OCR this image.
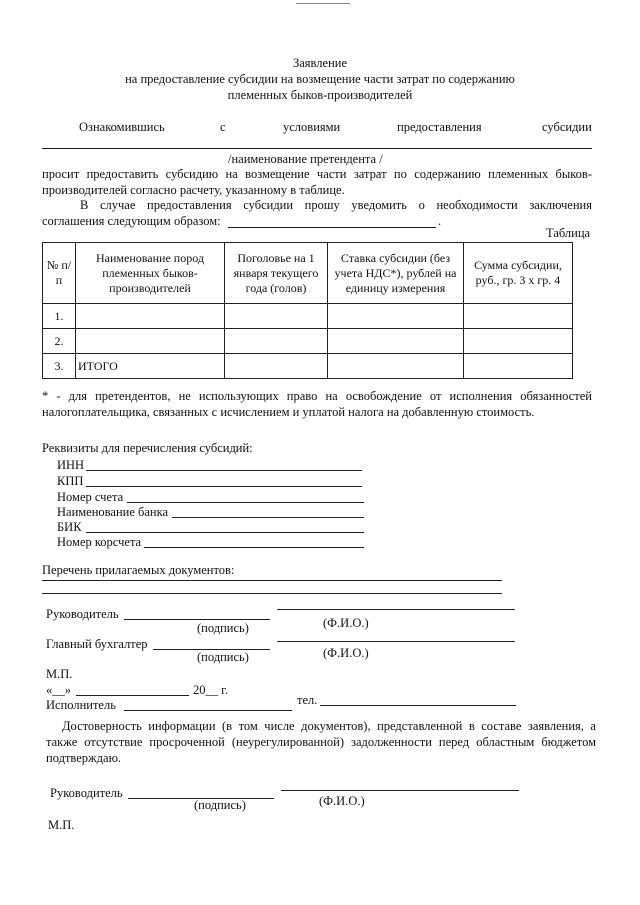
Заявление
на предоставление субсидии на возмещение части затрат по содержанию
племенных быков-производителей
Ознакомившись	с	условиями	предоставления	субсидии
/наименование претендента /
просит предоставить субсидию на возмещение части затрат по содержанию племенных быков-производителей согласно расчету, указанному в таблице.
В случае предоставления субсидии прошу уведомить о необходимости заключения
соглашения следующим образом:	.
Таблица
№ п/п	Наименование пород племенных быков-производителей	Поголовье на 1 января текущего года (голов)	Ставка субсидии (без учета НДС*), рублей на единицу измерения	Сумма субсидии, руб., гр. 3 х гр. 4
1.				
2.				
3.	ИТОГО			
* - для претендентов, не использующих право на освобождение от исполнения обязанностей налогоплательщика, связанных с исчислением и уплатой налога на добавленную стоимость.
Реквизиты для перечисления субсидий:
ИНН
КПП
Номер счета
Наименование банка
БИК
Номер корсчета
Перечень прилагаемых документов:
Руководитель
(подпись)	(Ф.И.О.)
Главный бухгалтер
(подпись)	(Ф.И.О.)
М.П.
«__»	20__ г.
Исполнитель	тел.
Достоверность информации (в том числе документов), представленной в составе заявления, а также отсутствие просроченной (неурегулированной) задолженности перед областным бюджетом подтверждаю.
Руководитель
(подпись)	(Ф.И.О.)
М.П.
